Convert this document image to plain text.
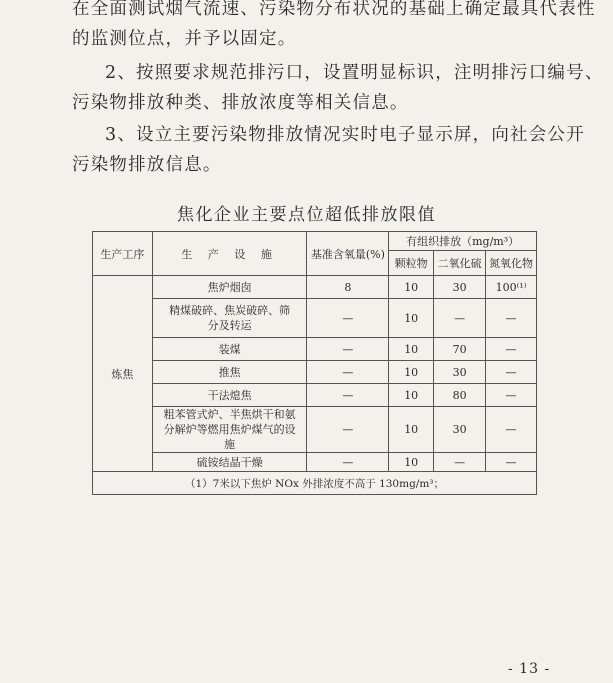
在全面测试烟气流速、污染物分布状况的基础上确定最具代表性

的监测位点，并予以固定。

2、按照要求规范排污口，设置明显标识，注明排污口编号、

污染物排放种类、排放浓度等相关信息。

3、设立主要污染物排放情况实时电子显示屏，向社会公开

污染物排放信息。

焦化企业主要点位超低排放限值

生产工序	生 产 设 施	基准含氧量(%)	有组织排放（mg/m³）		
			颗粒物	二氧化硫	氮氧化物
炼焦	焦炉烟囱	8	10	30	100⁽¹⁾
	精煤破碎、焦炭破碎、筛分及转运	—	10	—	—
	装煤	—	10	70	—
	推焦	—	10	30	—
	干法熄焦	—	10	80	—
	粗苯管式炉、半焦烘干和氨分解炉等燃用焦炉煤气的设施	—	10	30	—
	硫铵结晶干燥	—	10	—	—
（1）7米以下焦炉 NOx 外排浓度不高于 130mg/m³；					

- 13 -
